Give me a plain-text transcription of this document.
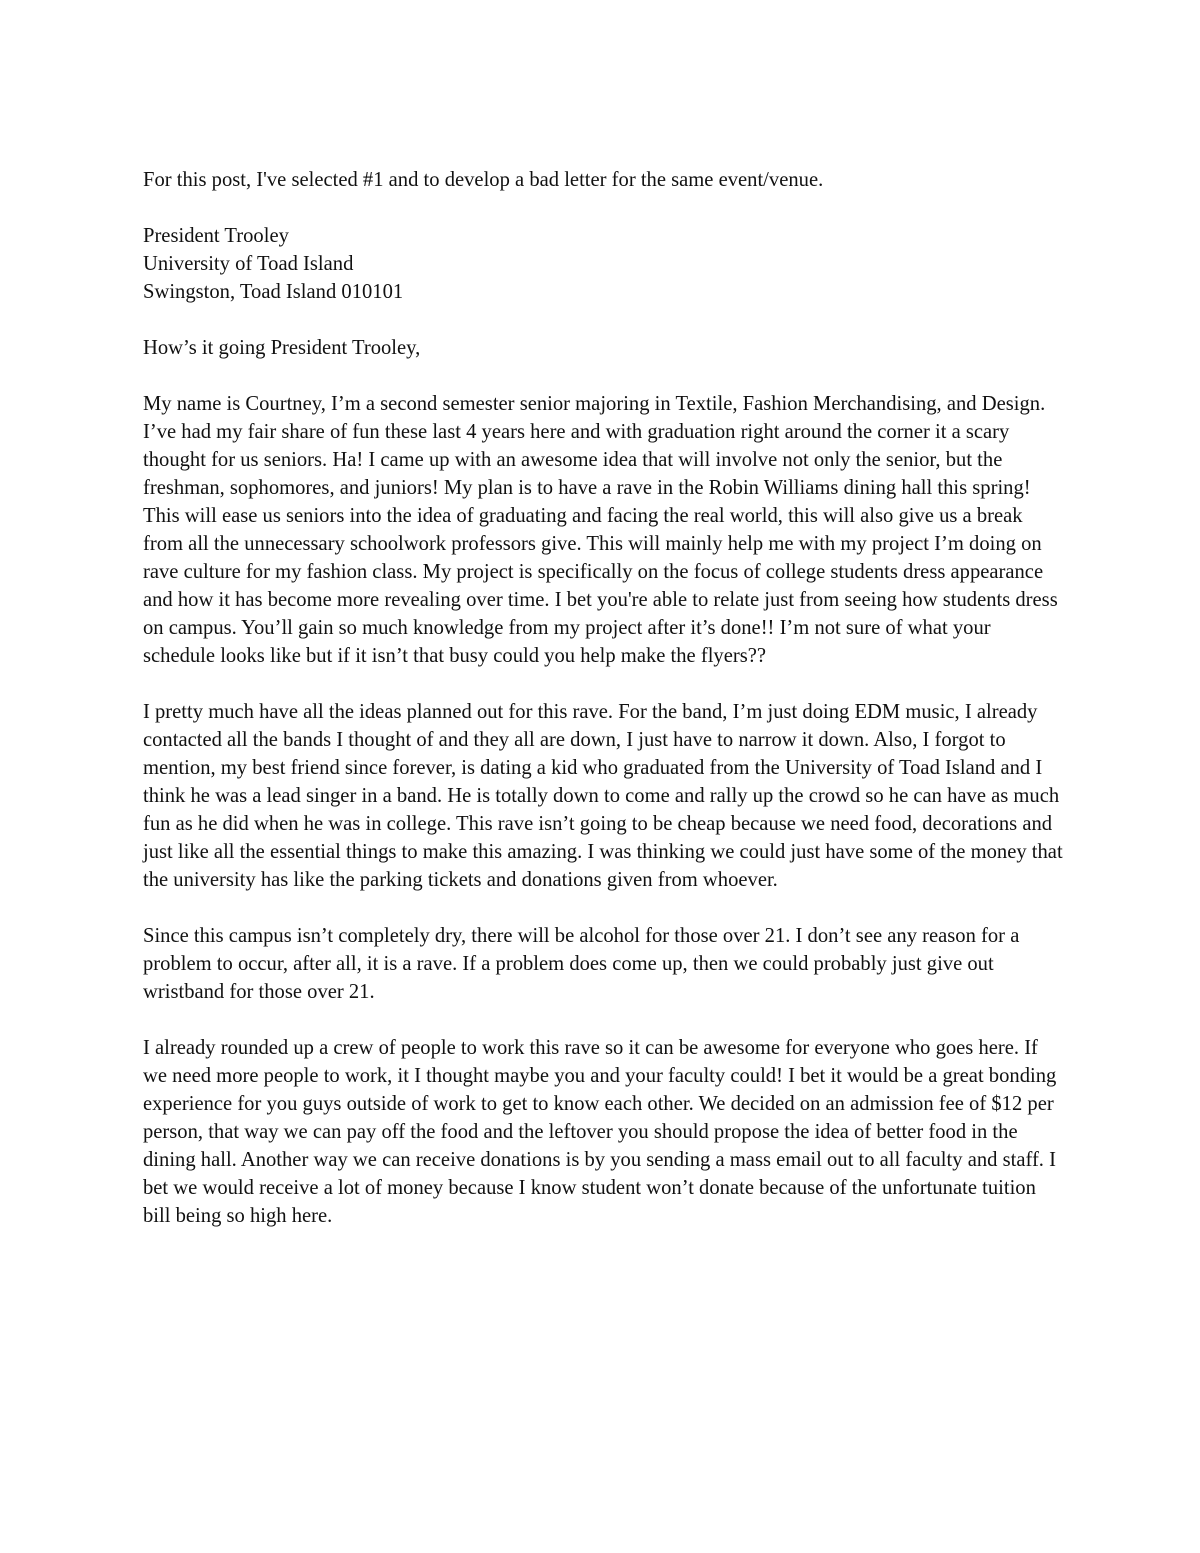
For this post, I've selected #1 and to develop a bad letter for the same event/venue.

President Trooley
University of Toad Island
Swingston, Toad Island 010101

How’s it going President Trooley,

My name is Courtney, I’m a second semester senior majoring in Textile, Fashion Merchandising, and Design. I’ve had my fair share of fun these last 4 years here and with graduation right around the corner it a scary thought for us seniors. Ha! I came up with an awesome idea that will involve not only the senior, but the freshman, sophomores, and juniors! My plan is to have a rave in the Robin Williams dining hall this spring! This will ease us seniors into the idea of graduating and facing the real world, this will also give us a break from all the unnecessary schoolwork professors give. This will mainly help me with my project I’m doing on rave culture for my fashion class. My project is specifically on the focus of college students dress appearance and how it has become more revealing over time. I bet you're able to relate just from seeing how students dress on campus. You’ll gain so much knowledge from my project after it’s done!! I’m not sure of what your schedule looks like but if it isn’t that busy could you help make the flyers??

I pretty much have all the ideas planned out for this rave. For the band, I’m just doing EDM music, I already contacted all the bands I thought of and they all are down, I just have to narrow it down. Also, I forgot to mention, my best friend since forever, is dating a kid who graduated from the University of Toad Island and I think he was a lead singer in a band. He is totally down to come and rally up the crowd so he can have as much fun as he did when he was in college. This rave isn’t going to be cheap because we need food, decorations and just like all the essential things to make this amazing. I was thinking we could just have some of the money that the university has like the parking tickets and donations given from whoever.

Since this campus isn’t completely dry, there will be alcohol for those over 21. I don’t see any reason for a problem to occur, after all, it is a rave. If a problem does come up, then we could probably just give out wristband for those over 21.

I already rounded up a crew of people to work this rave so it can be awesome for everyone who goes here. If we need more people to work, it I thought maybe you and your faculty could! I bet it would be a great bonding experience for you guys outside of work to get to know each other. We decided on an admission fee of $12 per person, that way we can pay off the food and the leftover you should propose the idea of better food in the dining hall. Another way we can receive donations is by you sending a mass email out to all faculty and staff. I bet we would receive a lot of money because I know student won’t donate because of the unfortunate tuition bill being so high here.
